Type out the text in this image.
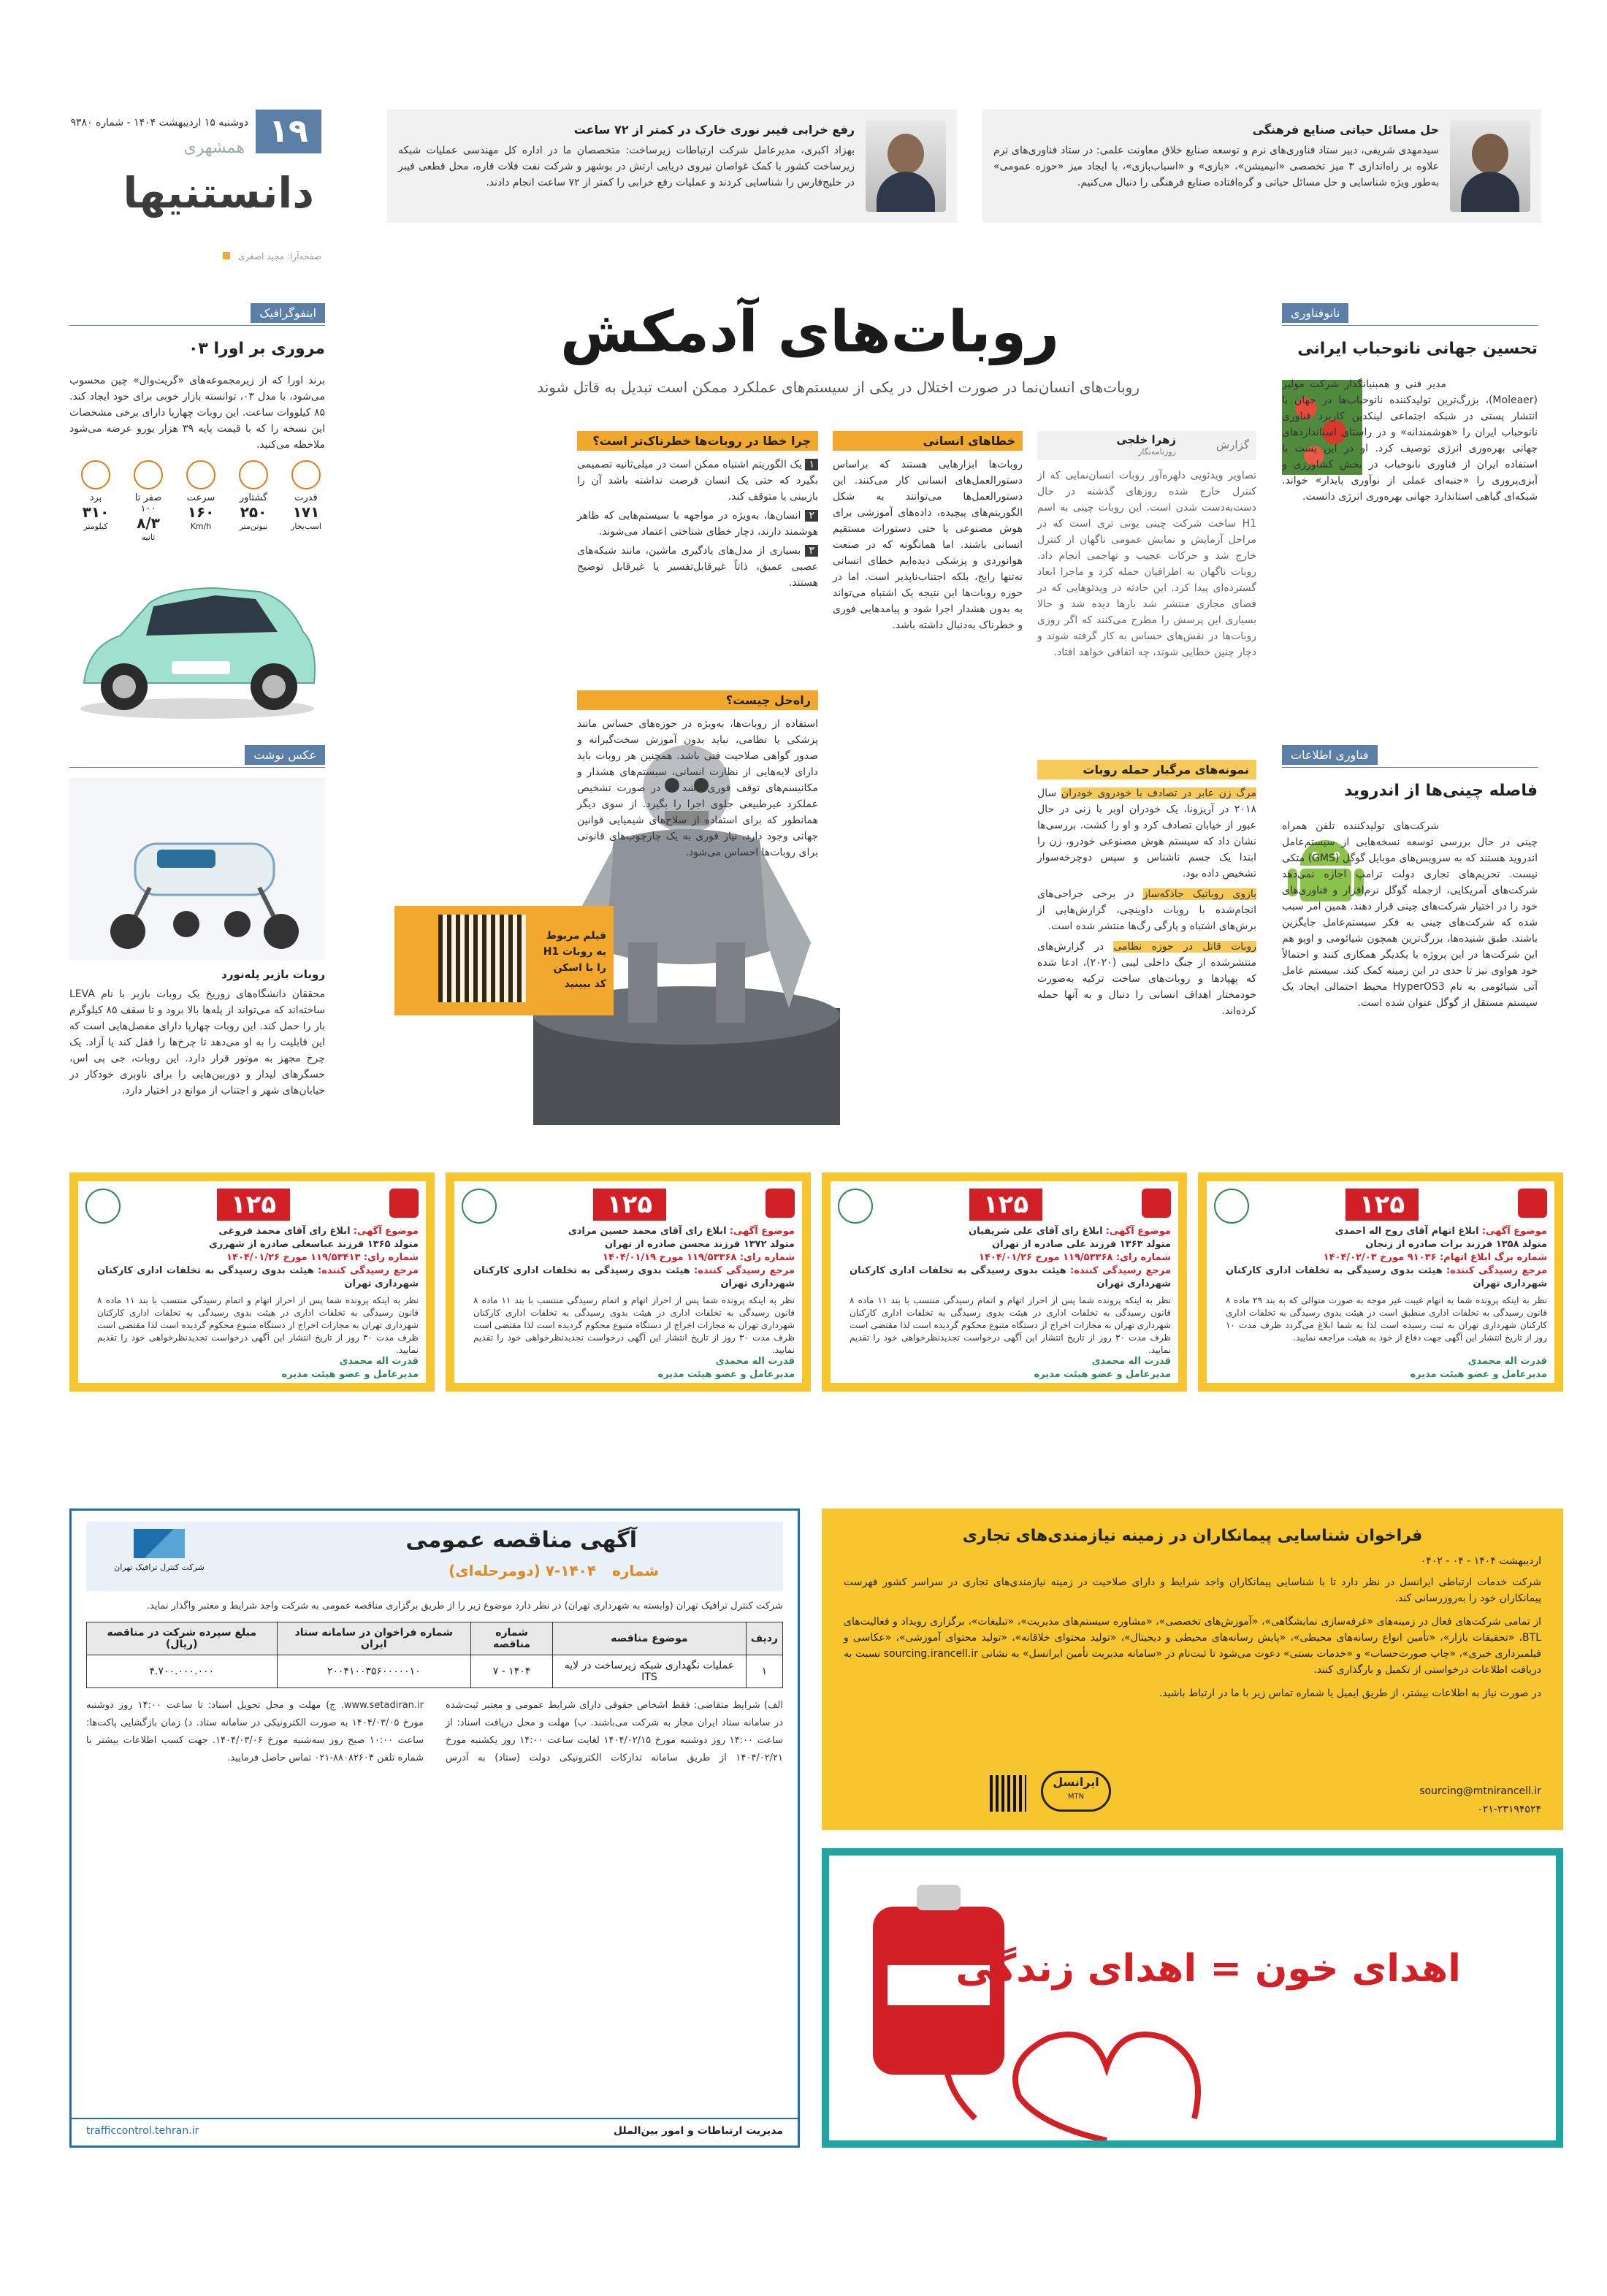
۱۹
دوشنبه ۱۵ اردیبهشت ۱۴۰۴ - شماره ۹۳۸۰
همشهری
دانستنیها
صفحه‌آرا: مجید اصغری
حل مسائل حیاتی صنایع فرهنگی
سیدمهدی شریفی، دبیر ستاد فناوری‌های نرم و توسعه صنایع خلاق معاونت علمی: در ستاد فناوری‌های نرم علاوه بر راه‌اندازی ۳ میز تخصصی «انیمیشن»، «بازی» و «اسباب‌بازی»، با ایجاد میز «حوزه عمومی» به‌طور ویژه شناسایی و حل مسائل حیاتی و گره‌افتاده صنایع فرهنگی را دنبال می‌کنیم.
رفع خرابی فیبر نوری خارک در کمتر از ۷۲ ساعت
بهزاد اکبری، مدیرعامل شرکت ارتباطات زیرساخت: متخصصان ما در اداره کل مهندسی عملیات شبکه زیرساخت کشور با کمک غواصان نیروی دریایی ارتش در بوشهر و شرکت نفت فلات قاره، محل قطعی فیبر در خلیج‌فارس را شناسایی کردند و عملیات رفع خرابی را کمتر از ۷۲ ساعت انجام دادند.
اینفوگرافیک
مروری بر اورا ۰۳
برند اورا که از زیرمجموعه‌های «گریت‌وال» چین محسوب می‌شود، با مدل ۰۳، توانسته بازار خوبی برای خود ایجاد کند. ۸۵ کیلووات ساعت. این روبات چهارپا دارای برخی مشخصات این نسخه را که با قیمت پایه ۳۹ هزار یورو عرضه می‌شود ملاحظه می‌کنید.
قدرت
۱۷۱
اسب‌بخار
گشتاور
۲۵۰
نیوتن‌متر
سرعت
۱۶۰
Km/h
صفر تا ۱۰۰
۸/۳
ثانیه
برد
۳۱۰
کیلومتر
عکس نوشت
روبات بازیر پله‌نورد
محققان دانشگاه‌های زوریخ یک روبات بازبر با نام LEVA ساخته‌اند که می‌تواند از پله‌ها بالا برود و تا سقف ۸۵ کیلوگرم بار را حمل کند. این روبات چهارپا دارای مفصل‌هایی است که این قابلیت را به او می‌دهد تا چرخ‌ها را قفل کند یا آزاد. یک چرخ مجهز به موتور قرار دارد. این روبات، جی پی اس، حسگرهای لیدار و دوربین‌هایی را برای ناوبری خودکار در خیابان‌های شهر و اجتناب از موانع در اختیار دارد.
نانوفناوری
تحسین جهانی نانوحباب ایرانی
مدیر فنی و همبنیانگذار شرکت مولیر (Moleaer)، بزرگ‌ترین تولیدکننده نانوحباب‌ها در جهان با انتشار پستی در شبکه اجتماعی لینکدین کاربرد فناوری نانوحباب ایران را «هوشمندانه» و در راستای استانداردهای جهانی بهره‌وری انرژی توصیف کرد. او در این پست با استفاده ایران از فناوری نانوحباب در بخش کشاورزی و آبزی‌پروری را «جنبه‌ای عملی از نوآوری پایدار» خواند. شبکه‌ای گیاهی استاندارد جهانی بهره‌وری انرژی دانست.
فناوری اطلاعات
فاصله چینی‌ها از اندروید
شرکت‌های تولیدکننده تلفن همراه چینی در حال بررسی توسعه نسخه‌هایی از سیستم‌عامل اندروید هستند که به سرویس‌های موبایل گوگل (GMS) متکی نیست. تحریم‌های تجاری دولت ترامپ اجازه نمی‌دهد شرکت‌های آمریکایی، ازجمله گوگل نرم‌افزار و فناوری‌های خود را در اختیار شرکت‌های چینی قرار دهند. همین امر سبب شده که شرکت‌های چینی به فکر سیستم‌عامل جایگزین باشند. طبق شنیده‌ها، بزرگ‌ترین همچون شیائومی و اوپو هم این شرکت‌ها در این پروژه با یکدیگر همکاری کنند و احتمالاً خود هواوی نیز تا حدی در این زمینه کمک کند. سیستم عامل آتی شیائومی به نام HyperOS3 محیط احتمالی ایجاد یک سیستم مستقل از گوگل عنوان شده است.
روبات‌های آدمکش
روبات‌های انسان‌نما در صورت اختلال در یکی از سیستم‌های عملکرد ممکن است تبدیل به قاتل شوند
گزارش
زهرا خلجی
روزنامه‌نگار
تصاویر ویدئویی دلهره‌آور روبات انسان‌نمایی که از کنترل خارج شده روزهای گذشته در حال دست‌به‌دست شدن است. این روبات چینی به اسم H1 ساخت شرکت چینی یونی تری است که در مراحل آزمایش و نمایش عمومی ناگهان از کنترل خارج شد و حرکات عجیب و تهاجمی انجام داد. روبات ناگهان به اطرافیان حمله کرد و ماجرا ابعاد گسترده‌ای پیدا کرد. این حادثه در ویدئوهایی که در فضای مجازی منتشر شد بارها دیده شد و حالا بسیاری این پرسش را مطرح می‌کنند که اگر روزی روبات‌ها در نقش‌های حساس به کار گرفته شوند و دچار چنین خطایی شوند، چه اتفاقی خواهد افتاد.
خطاهای انسانی
روبات‌ها ابزارهایی هستند که براساس دستورالعمل‌های انسانی کار می‌کنند. این دستورالعمل‌ها می‌توانند به شکل الگوریتم‌های پیچیده، داده‌های آموزشی برای هوش مصنوعی یا حتی دستورات مستقیم انسانی باشند. اما همانگونه که در صنعت هوانوردی و پزشکی دیده‌ایم خطای انسانی نه‌تنها رایج، بلکه اجتناب‌ناپذیر است. اما در حوزه روبات‌ها این نتیجه یک اشتباه می‌تواند به بدون هشدار اجرا شود و پیامدهایی فوری و خطرناک به‌دنبال داشته باشد.
چرا خطا در روبات‌ها خطرناک‌تر است؟
۱ یک الگوریتم اشتباه ممکن است در میلی‌ثانیه تصمیمی بگیرد که حتی یک انسان فرصت نداشته باشد آن را بازبینی یا متوقف کند.
۲ انسان‌ها، به‌ویژه در مواجهه با سیستم‌هایی که ظاهر هوشمند دارند، دچار خطای شناختی اعتماد می‌شوند.
۳ بسیاری از مدل‌های یادگیری ماشین، مانند شبکه‌های عصبی عمیق، ذاتاً غیرقابل‌تفسیر یا غیرقابل توضیح هستند.
راه‌حل چیست؟
استفاده از روبات‌ها، به‌ویژه در حوزه‌های حساس مانند پزشکی یا نظامی، نباید بدون آموزش سخت‌گیرانه و صدور گواهی صلاحیت فنی باشد. همچنین هر روبات باید دارای لایه‌هایی از نظارت انسانی، سیستم‌های هشدار و مکانیسم‌های توقف فوری باشد که در صورت تشخیص عملکرد غیرطبیعی جلوی اجرا را بگیرد. از سوی دیگر همانطور که برای استفاده از سلاح‌های شیمیایی قوانین جهانی وجود دارد، نیاز فوری به یک چارچوب‌های قانونی برای روبات‌ها احساس می‌شود.
فیلم مربوط به روبات H1 را با اسکن کد ببینید
نمونه‌های مرگبار حمله روبات
مرگ زن عابر در تصادف با خودروی خودران سال ۲۰۱۸ در آریزونا، یک خودران اوبر با زنی در حال عبور از خیابان تصادف کرد و او را کشت. بررسی‌ها نشان داد که سیستم هوش مصنوعی خودرو، زن را ابتدا یک جسم ناشناس و سپس دوچرخه‌سوار تشخیص داده بود.
بازوی روباتیک جاذکه‌ساز در برخی جراحی‌های انجام‌شده با روبات داوینچی، گزارش‌هایی از برش‌های اشتباه و پارگی رگ‌ها منتشر شده است.
روبات قاتل در حوزه نظامی در گزارش‌های منتشرشده از جنگ داخلی لیبی (۲۰۲۰)، ادعا شده که پهپادها و روبات‌های ساخت ترکیه به‌صورت خودمختار اهداف انسانی را دنبال و به آنها حمله کرده‌اند.
۱۲۵
موضوع آگهی: ابلاغ اتهام آقای روح اله احمدی
متولد ۱۳۵۸ فرزند برات صادره از زنجان
شماره برگ ابلاغ اتهام: ۹۱۰۳۶ مورخ ۱۴۰۴/۰۲/۰۳
مرجع رسیدگی کننده: هیئت بدوی رسیدگی به تخلفات اداری کارکنان شهرداری تهران
نظر به اینکه پرونده شما به اتهام غیبت غیر موجه به صورت متوالی که به بند ۲۹ ماده ۸ قانون رسیدگی به تخلفات اداری منطبق است در هیئت بدوی رسیدگی به تخلفات اداری کارکنان شهرداری تهران به ثبت رسیده است لذا به شما ابلاغ می‌گردد ظرف مدت ۱۰ روز از تاریخ انتشار این آگهی جهت دفاع از خود به هیئت مراجعه نمایید.
قدرت اله محمدی
مدیرعامل و عضو هیئت مدیره
۱۲۵
موضوع آگهی: ابلاغ رای آقای علی شریفیان
متولد ۱۳۶۳ فرزند علی صادره از تهران
شماره رای: ۱۱۹/۵۳۳۶۸ مورخ ۱۴۰۴/۰۱/۲۶
مرجع رسیدگی کننده: هیئت بدوی رسیدگی به تخلفات اداری کارکنان شهرداری تهران
نظر به اینکه پرونده شما پس از احراز اتهام و اتمام رسیدگی منتسب با بند ۱۱ ماده ۸ قانون رسیدگی به تخلفات اداری در هیئت بدوی رسیدگی به تخلفات اداری کارکنان شهرداری تهران به مجازات اخراج از دستگاه متبوع محکوم گردیده است لذا مقتضی است ظرف مدت ۳۰ روز از تاریخ انتشار این آگهی درخواست تجدیدنظرخواهی خود را تقدیم نمایید.
قدرت اله محمدی
مدیرعامل و عضو هیئت مدیره
۱۲۵
موضوع آگهی: ابلاغ رای آقای محمد حسین مرادی
متولد ۱۳۷۲ فرزند محسن صادره از تهران
شماره رای: ۱۱۹/۵۳۳۶۸ مورخ ۱۴۰۴/۰۱/۱۹
مرجع رسیدگی کننده: هیئت بدوی رسیدگی به تخلفات اداری کارکنان شهرداری تهران
نظر به اینکه پرونده شما پس از احراز اتهام و اتمام رسیدگی منتسب با بند ۱۱ ماده ۸ قانون رسیدگی به تخلفات اداری در هیئت بدوی رسیدگی به تخلفات اداری کارکنان شهرداری تهران به مجازات اخراج از دستگاه متبوع محکوم گردیده است لذا مقتضی است ظرف مدت ۳۰ روز از تاریخ انتشار این آگهی درخواست تجدیدنظرخواهی خود را تقدیم نمایید.
قدرت اله محمدی
مدیرعامل و عضو هیئت مدیره
۱۲۵
موضوع آگهی: ابلاغ رای آقای محمد فروغی
متولد ۱۳۶۵ فرزند عباسعلی صادره از شهرری
شماره رای: ۱۱۹/۵۳۴۱۳ مورخ ۱۴۰۴/۰۱/۲۶
مرجع رسیدگی کننده: هیئت بدوی رسیدگی به تخلفات اداری کارکنان شهرداری تهران
نظر به اینکه پرونده شما پس از احراز اتهام و اتمام رسیدگی منتسب با بند ۱۱ ماده ۸ قانون رسیدگی به تخلفات اداری در هیئت بدوی رسیدگی به تخلفات اداری کارکنان شهرداری تهران به مجازات اخراج از دستگاه متبوع محکوم گردیده است لذا مقتضی است ظرف مدت ۳۰ روز از تاریخ انتشار این آگهی درخواست تجدیدنظرخواهی خود را تقدیم نمایید.
قدرت اله محمدی
مدیرعامل و عضو هیئت مدیره
فراخوان شناسایی پیمانکاران در زمینه نیازمندی‌های تجاری
اردیبهشت ۱۴۰۴ - ۰۴ - ۰۴۰۲
شرکت خدمات ارتباطی ایرانسل در نظر دارد تا با شناسایی پیمانکاران واجد شرایط و دارای صلاحیت در زمینه نیازمندی‌های تجاری در سراسر کشور فهرست پیمانکاران خود را به‌روزرسانی کند.
از تمامی شرکت‌های فعال در زمینه‌های «غرفه‌سازی نمایشگاهی»، «آموزش‌های تخصصی»، «مشاوره سیستم‌های مدیریت»، «تبلیغات»، برگزاری رویداد و فعالیت‌های BTL، «تحقیقات بازار»، «تأمین انواع رسانه‌های محیطی»، «پایش رسانه‌های محیطی و دیجیتال»، «تولید محتوای خلاقانه»، «تولید محتوای آموزشی»، «عکاسی و فیلمبرداری خبری»، «چاپ صورت‌حساب» و «خدمات بستی» دعوت می‌شود تا ثبت‌نام در «سامانه مدیریت تأمین ایرانسل» به نشانی sourcing.irancell.ir نسبت به دریافت اطلاعات درخواستی از تکمیل و بارگذاری کنند.
در صورت نیاز به اطلاعات بیشتر، از طریق ایمیل یا شماره تماس زیر با ما در ارتباط باشید.
sourcing@mtnirancell.ir
۰۲۱-۲۳۱۹۴۵۲۴
ایرانسل
MTN
آگهی مناقصه عمومی
شماره ۱۴۰۴-۷ (دومرحله‌ای)
شرکت کنترل ترافیک تهران
شرکت کنترل ترافیک تهران (وابسته به شهرداری تهران) در نظر دارد موضوع زیر را از طریق برگزاری مناقصه عمومی به شرکت واجد شرایط و معتبر واگذار نماید.
ردیف	موضوع مناقصه	شماره مناقصه	شماره فراخوان در سامانه ستاد ایران	مبلغ سپرده شرکت در مناقصه (ریال)
۱	عملیات نگهداری شبکه زیرساخت در لایه ITS	۱۴۰۴ - ۷	۲۰۰۴۱۰۰۳۵۶۰۰۰۰۰۱۰	۴.۷۰۰.۰۰۰.۰۰۰
الف) شرایط متقاضی: فقط اشخاص حقوقی دارای شرایط عمومی و معتبر ثبت‌شده در سامانه ستاد ایران مجاز به شرکت می‌باشند. ب) مهلت و محل دریافت اسناد: از ساعت ۱۴:۰۰ روز دوشنبه مورخ ۱۴۰۴/۰۲/۱۵ لغایت ساعت ۱۴:۰۰ روز یکشنبه مورخ ۱۴۰۴/۰۲/۲۱ از طریق سامانه تدارکات الکترونیکی دولت (ستاد) به آدرس www.setadiran.ir. ج) مهلت و محل تحویل اسناد: تا ساعت ۱۴:۰۰ روز دوشنبه مورخ ۱۴۰۴/۰۳/۰۵ به صورت الکترونیکی در سامانه ستاد. د) زمان بازگشایی پاکت‌ها: ساعت ۱۰:۰۰ صبح روز سه‌شنبه مورخ ۱۴۰۴/۰۳/۰۶. جهت کسب اطلاعات بیشتر با شماره تلفن ۸۸۰۸۲۶۰۴-۰۲۱ تماس حاصل فرمایید.
مدیریت ارتباطات و امور بین‌الملل
trafficcontrol.tehran.ir
اهدای خون = اهدای زندگی
